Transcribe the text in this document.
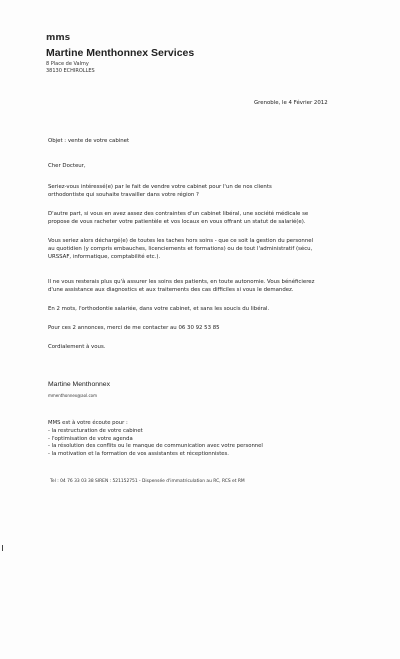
mms
Martine Menthonnex Services
8 Place de Valmy
38130 ECHIROLLES
Grenoble, le 4 Février 2012
Objet : vente de votre cabinet
Cher Docteur,
Seriez-vous intéressé(e) par le fait de vendre votre cabinet pour l'un de nos clients
orthodontiste qui souhaite travailler dans votre région ?
D'autre part, si vous en avez assez des contraintes d'un cabinet libéral, une société médicale se
propose de vous racheter votre patientèle et vos locaux en vous offrant un statut de salarié(e).
Vous seriez alors déchargé(e) de toutes les taches hors soins - que ce soit la gestion du personnel
au quotidien (y compris embauches, licenciements et formations) ou de tout l'administratif (sécu,
URSSAF, informatique, comptabilité etc.).
Il ne vous resterais plus qu'à assurer les soins des patients, en toute autonomie. Vous bénéficierez
d'une assistance aux diagnostics et aux traitements des cas difficiles si vous le demandez.
En 2 mots, l'orthodontie salariée, dans votre cabinet, et sans les soucis du libéral.
Pour ces 2 annonces, merci de me contacter au 06 30 92 53 85
Cordialement à vous.
Martine Menthonnex
mmenthonnex@aol.com
MMS est à votre écoute pour :
- la restructuration de votre cabinet
- l'optimisation de votre agenda
- la résolution des conflits ou le manque de communication avec votre personnel
- la motivation et la formation de vos assistantes et réceptionnistes.
Tel : 04 76 33 03 38 SIREN : 521152751 - Dispensée d'immatriculation au RC, RCS et RM
